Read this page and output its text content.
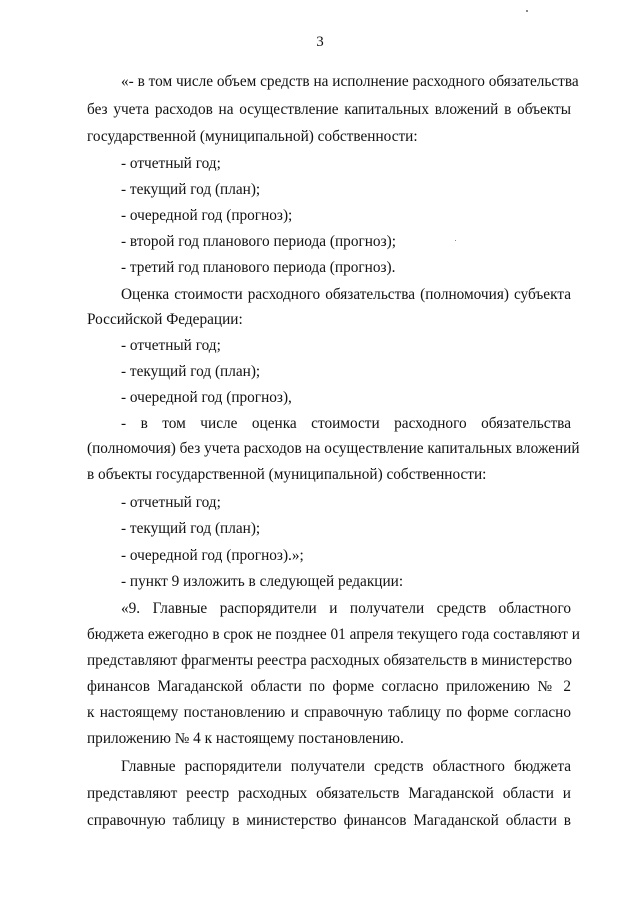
3
«- в том числе объем средств на исполнение расходного обязательства
без учета расходов на осуществление капитальных вложений в объекты
государственной (муниципальной) собственности:
- отчетный год;
- текущий год (план);
- очередной год (прогноз);
- второй год планового периода (прогноз);
- третий год планового периода (прогноз).
Оценка стоимости расходного обязательства (полномочия) субъекта
Российской Федерации:
- отчетный год;
- текущий год (план);
- очередной год (прогноз),
- в том числе оценка стоимости расходного обязательства
(полномочия) без учета расходов на осуществление капитальных вложений
в объекты государственной (муниципальной) собственности:
- отчетный год;
- текущий год (план);
- очередной год (прогноз).»;
- пункт 9 изложить в следующей редакции:
«9. Главные распорядители и получатели средств областного
бюджета ежегодно в срок не позднее 01 апреля текущего года составляют и
представляют фрагменты реестра расходных обязательств в министерство
финансов Магаданской области по форме согласно приложению № 2
к настоящему постановлению и справочную таблицу по форме согласно
приложению № 4 к настоящему постановлению.
Главные распорядители получатели средств областного бюджета
представляют реестр расходных обязательств Магаданской области и
справочную таблицу в министерство финансов Магаданской области в
